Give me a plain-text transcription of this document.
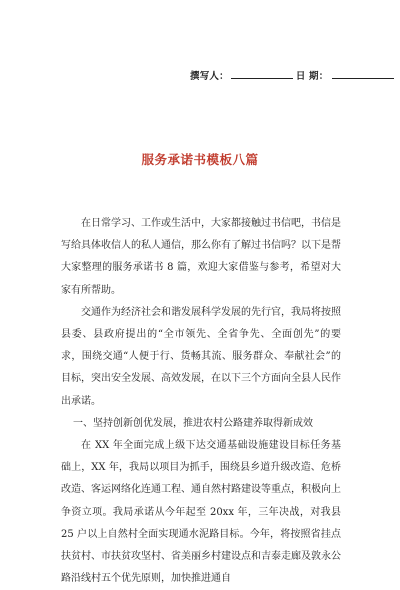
撰写人：	日 期：
服务承诺书模板八篇

在日常学习、工作或生活中，大家都接触过书信吧，书信是写给具体收信人的私人通信，那么你有了解过书信吗？以下是帮大家整理的服务承诺书 8 篇，欢迎大家借鉴与参考，希望对大家有所帮助。

交通作为经济社会和谐发展科学发展的先行官，我局将按照县委、县政府提出的“全市领先、全省争先、全面创先”的要求，围绕交通“人便于行、货畅其流、服务群众、奉献社会”的目标，突出安全发展、高效发展，在以下三个方面向全县人民作出承诺。

一、坚持创新创优发展，推进农村公路建养取得新成效

在 XX 年全面完成上级下达交通基础设施建设目标任务基础上，XX 年，我局以项目为抓手，围绕县乡道升级改造、危桥改造、客运网络化连通工程、通自然村路建设等重点，积极向上争资立项。我局承诺从今年起至 20xx 年，三年决战，对我县 25 户以上自然村全面实现通水泥路目标。今年，将按照省挂点扶贫村、市扶贫攻坚村、省美丽乡村建设点和吉泰走廊及敦永公路沿线村五个优先原则，加快推进通自
